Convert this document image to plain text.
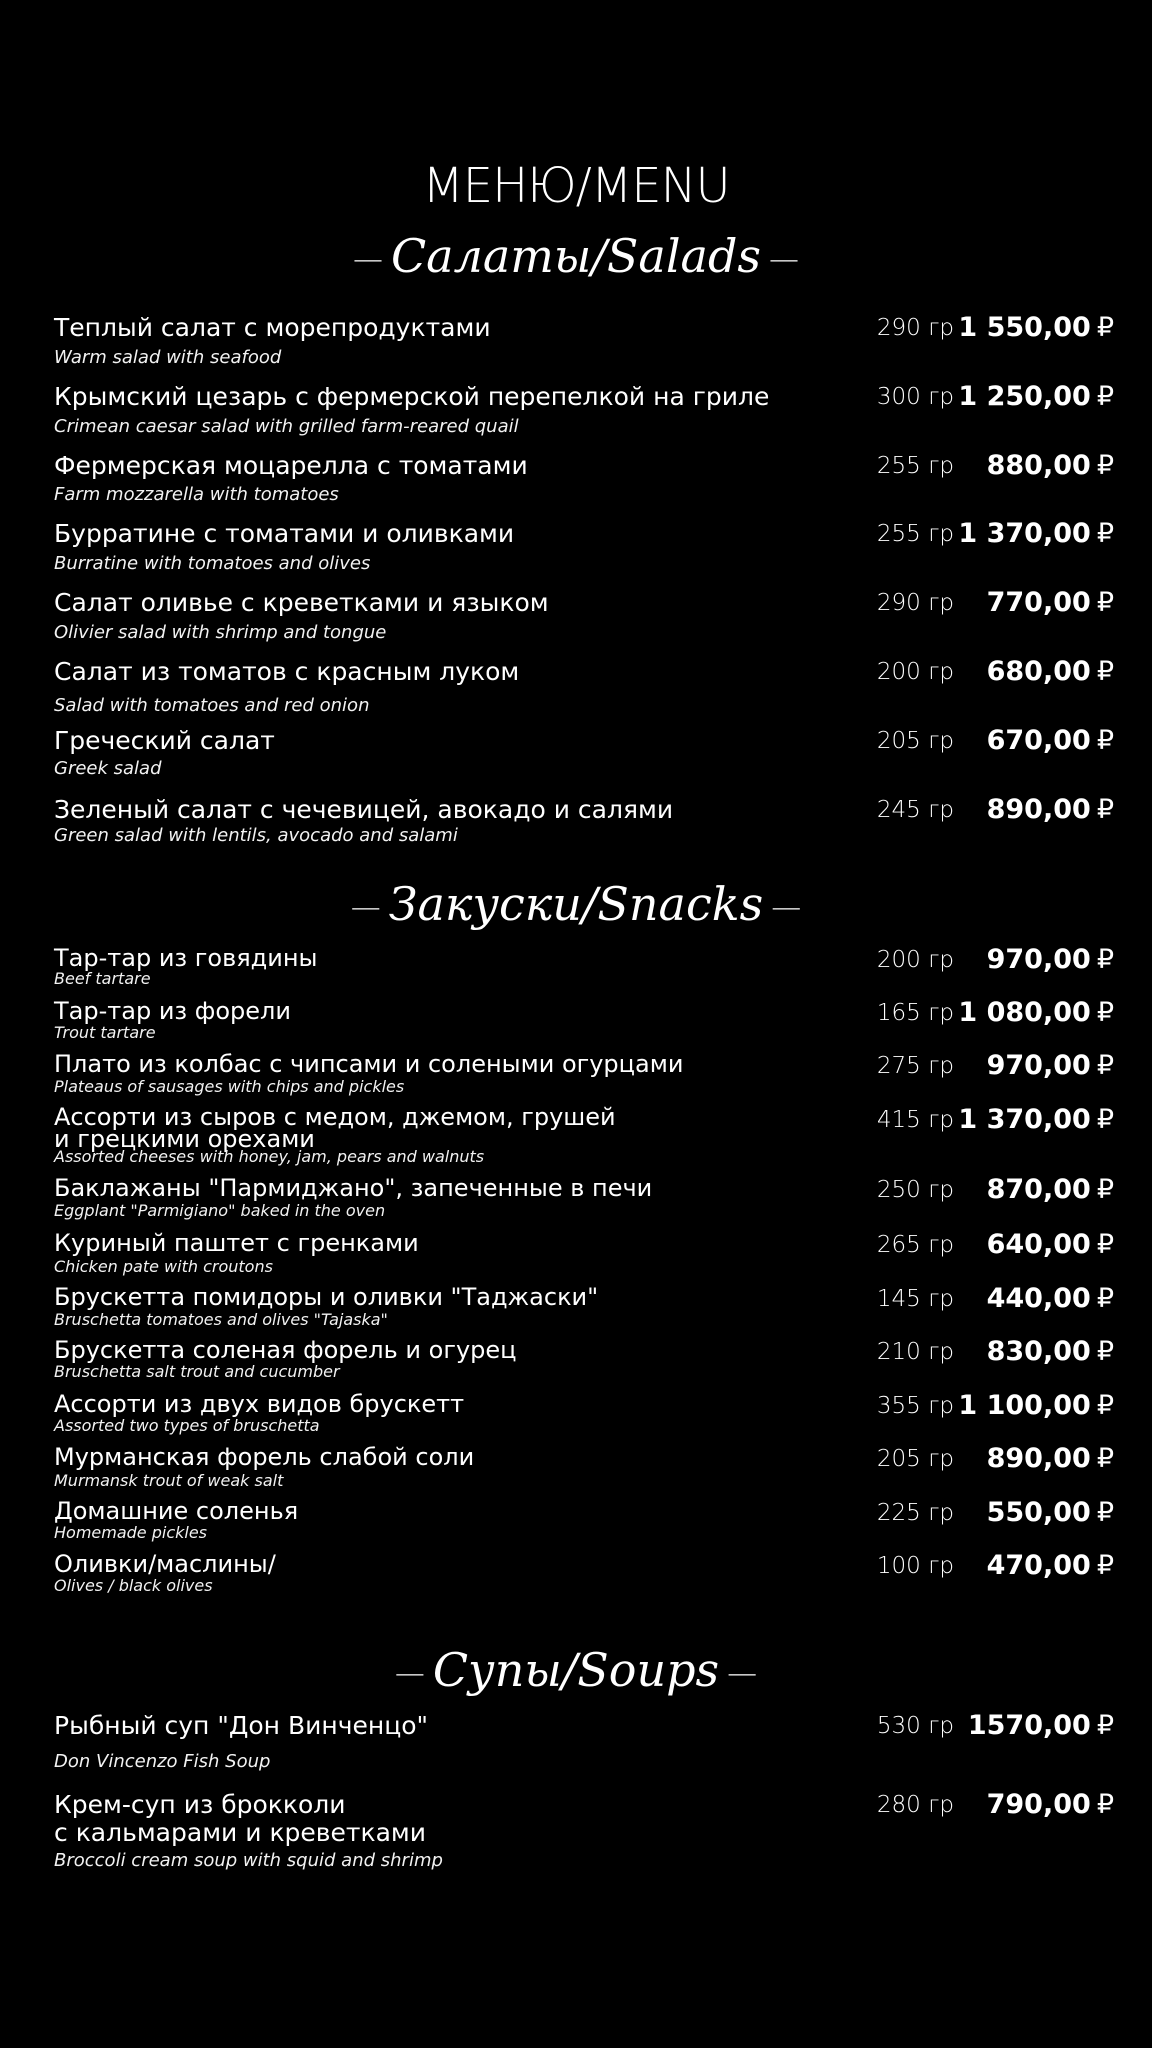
МЕНЮ/MENU
— Салаты/Salads —
— Закуски/Snacks —
— Супы/Soups —
Теплый салат с морепродуктами
Warm salad with seafood
290 гр 1 550,00 ₽
Крымский цезарь с фермерской перепелкой на гриле
Crimean caesar salad with grilled farm-reared quail
300 гр 1 250,00 ₽
Фермерская моцарелла с томатами
Farm mozzarella with tomatoes
255 гр	880,00 ₽
Бурратине с томатами и оливками
Burratine with tomatoes and olives
255 гр 1 370,00 ₽
Салат оливье с креветками и языком
Olivier salad with shrimp and tongue
290 гр	770,00 ₽
Салат из томатов с красным луком
Salad with tomatoes and red onion
200 гр	680,00 ₽
Греческий салат
Greek salad
205 гр	670,00 ₽
Зеленый салат с чечевицей, авокадо и салями
Green salad with lentils, avocado and salami
245 гр	890,00 ₽
Тар-тар из говядины
Beef tartare
200 гр	970,00 ₽
Тар-тар из форели
Trout tartare
165 гр 1 080,00 ₽
Плато из колбас с чипсами и солеными огурцами
Plateaus of sausages with chips and pickles
275 гр	970,00 ₽
Ассорти из сыров с медом, джемом, грушей
и грецкими орехами
Assorted cheeses with honey, jam, pears and walnuts
415 гр 1 370,00 ₽
Баклажаны "Пармиджано", запеченные в печи
Eggplant "Parmigiano" baked in the oven
250 гр	870,00 ₽
Куриный паштет с гренками
Chicken pate with croutons
265 гр	640,00 ₽
Брускетта помидоры и оливки "Таджаски"
Bruschetta tomatoes and olives "Tajaska"
145 гр	440,00 ₽
Брускетта соленая форель и огурец
Bruschetta salt trout and cucumber
210 гр	830,00 ₽
Ассорти из двух видов брускетт
Assorted two types of bruschetta
355 гр 1 100,00 ₽
Мурманская форель слабой соли
Murmansk trout of weak salt
205 гр	890,00 ₽
Домашние соленья
Homemade pickles
225 гр	550,00 ₽
Оливки/маслины/
Olives / black olives
100 гр	470,00 ₽
Рыбный суп "Дон Винченцо"
Don Vincenzo Fish Soup
530 гр 1570,00 ₽
Крем-суп из брокколи
с кальмарами и креветками
Broccoli cream soup with squid and shrimp
280 гр	790,00 ₽
